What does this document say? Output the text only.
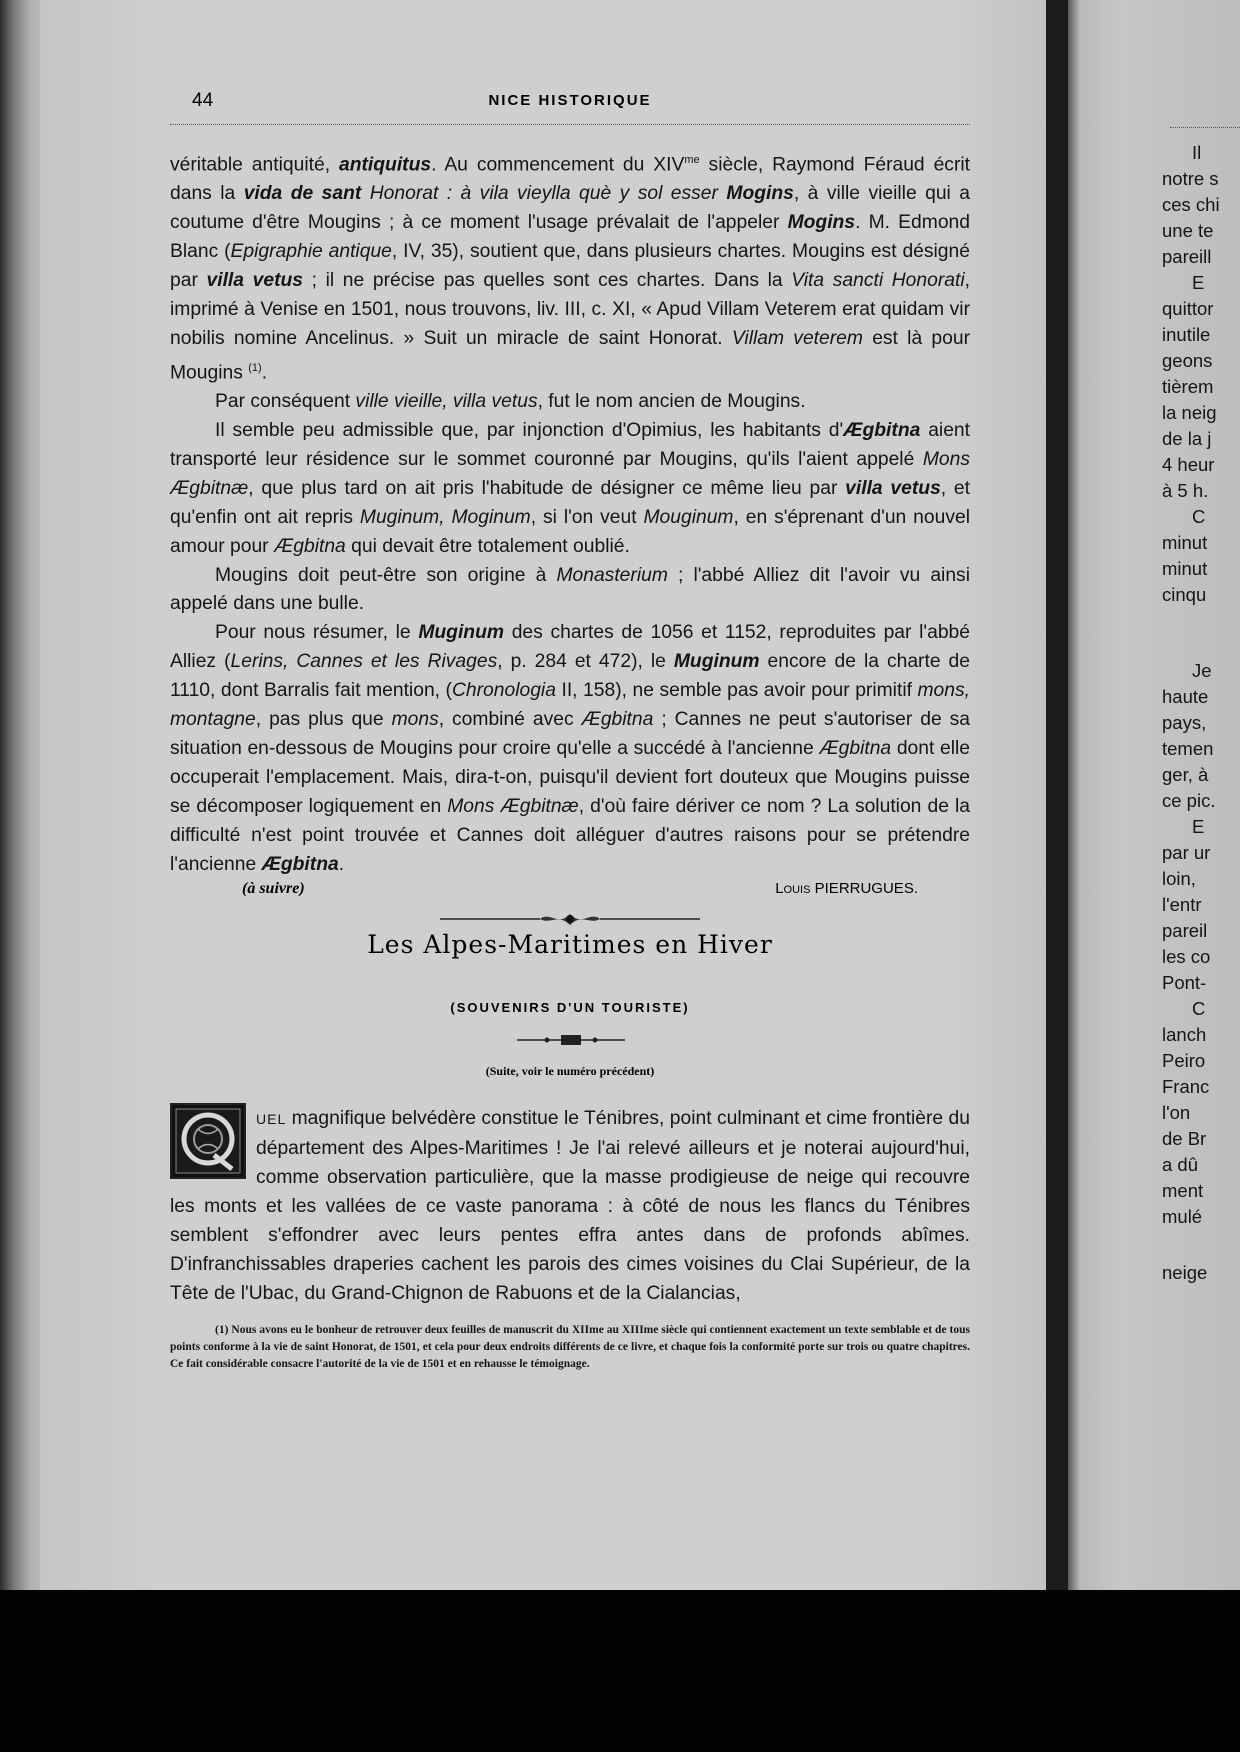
44	NICE HISTORIQUE

véritable antiquité, antiquitus. Au commencement du $XIV^{me}$ siècle, Raymond Féraud écrit dans la vida de sant Honorat : à vila vieylla què y sol esser Mogins, à ville vieille qui a coutume d'être Mougins ; à ce moment l'usage prévalait de l'appeler Mogins. M. Edmond Blanc (Epigraphie antique, IV, 35), soutient que, dans plusieurs chartes. Mougins est désigné par villa vetus ; il ne précise pas quelles sont ces chartes. Dans la Vita sancti Honorati, imprimé à Venise en 1501, nous trouvons, liv. III, c. XI, « Apud Villam Veterem erat quidam vir nobilis nomine Ancelinus. » Suit un miracle de saint Honorat. Villam veterem est là pour Mougins $^{(1)}$.

Par conséquent ville vieille, villa vetus, fut le nom ancien de Mougins.

Il semble peu admissible que, par injonction d'Opimius, les habitants d'Ægbitna aient transporté leur résidence sur le sommet couronné par Mougins, qu'ils l'aient appelé Mons Ægbitnæ, que plus tard on ait pris l'habitude de désigner ce même lieu par villa vetus, et qu'enfin ont ait repris Muginum, Moginum, si l'on veut Mouginum, en s'éprenant d'un nouvel amour pour Ægbitna qui devait être totalement oublié.

Mougins doit peut-être son origine à Monasterium ; l'abbé Alliez dit l'avoir vu ainsi appelé dans une bulle.

Pour nous résumer, le Muginum des chartes de 1056 et 1152, reproduites par l'abbé Alliez (Lerins, Cannes et les Rivages, p. 284 et 472), le Muginum encore de la charte de 1110, dont Barralis fait mention, (Chronologia II, 158), ne semble pas avoir pour primitif mons, montagne, pas plus que mons, combiné avec Ægbitna ; Cannes ne peut s'autoriser de sa situation en-dessous de Mougins pour croire qu'elle a succédé à l'ancienne Ægbitna dont elle occuperait l'emplacement. Mais, dira-t-on, puisqu'il devient fort douteux que Mougins puisse se décomposer logiquement en Mons Ægbitnæ, d'où faire dériver ce nom ? La solution de la difficulté n'est point trouvée et Cannes doit alléguer d'autres raisons pour se prétendre l'ancienne Ægbitna.

(à suivre)	Louis PIERRUGUES.
Les Alpes-Maritimes en Hiver
(SOUVENIRS D'UN TOURISTE)
(Suite, voir le numéro précédent)

UEL magnifique belvédère constitue le Ténibres, point culminant et cime frontière du département des Alpes-Maritimes ! Je l'ai relevé ailleurs et je noterai aujourd'hui, comme observation particulière, que la masse prodigieuse de neige qui recouvre les monts et les vallées de ce vaste panorama : à côté de nous les flancs du Ténibres semblent s'effondrer avec leurs pentes effra antes dans de profonds abîmes. D'infranchissables draperies cachent les parois des cimes voisines du Clai Supérieur, de la Tête de l'Ubac, du Grand-Chignon de Rabuons et de la Cialancias,

(1) Nous avons eu le bonheur de retrouver deux feuilles de manuscrit du XIIme au XIIIme siècle qui contiennent exactement un texte semblable et de tous points conforme à la vie de saint Honorat, de 1501, et cela pour deux endroits différents de ce livre, et chaque fois la conformité porte sur trois ou quatre chapitres. Ce fait considérable consacre l'autorité de la vie de 1501 et en rehausse le témoignage.

Il
notre s
ces chi
une te
pareill
E
quittor
inutile
geons
tièrem
la neig
de la j
4 heur
à 5 h.
C
minut
minut
cinqu
Je
haute
pays,
temen
ger, à
ce pic.
E
par ur
loin,
l'entr
pareil
les co
Pont-
C
lanch
Peiro
Franc
l'on
de Br
a dû
ment
mulé
neige
